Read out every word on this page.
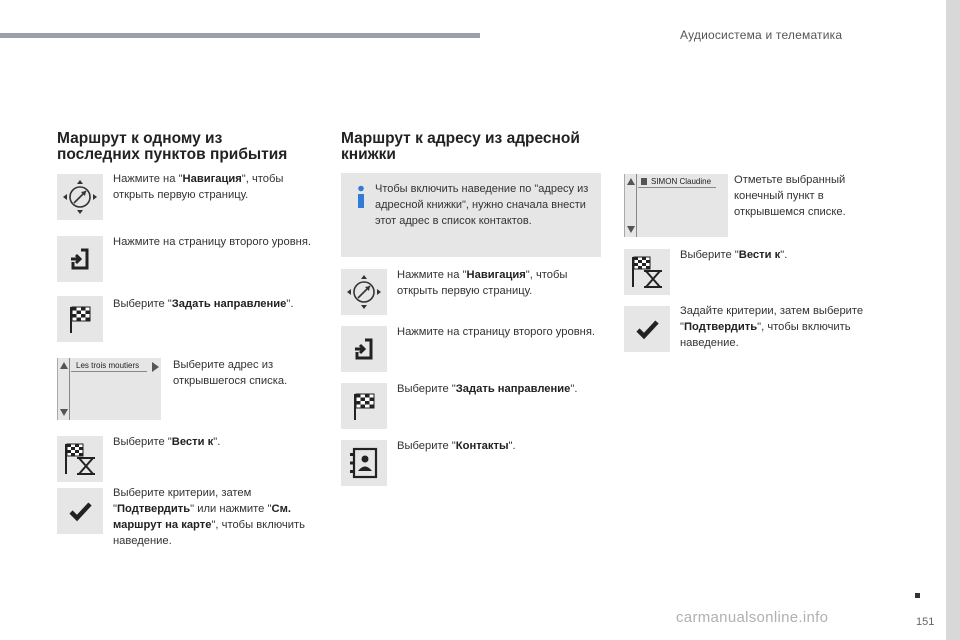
Аудиосистема и телематика
151
carmanualsonline.info
Маршрут к одному из
последних пунктов прибытия
Нажмите на "Навигация", чтобы открыть первую страницу.
Нажмите на страницу второго уровня.
Выберите "Задать направление".
Les trois moutiers	Выберите адрес из открывшегося списка.
Выберите "Вести к".
Выберите критерии, затем "Подтвердить" или нажмите "См. маршрут на карте", чтобы включить наведение.
Маршрут к адресу из адресной
книжки
Чтобы включить наведение по "адресу из адресной книжки", нужно сначала внести этот адрес в список контактов.
Нажмите на "Навигация", чтобы открыть первую страницу.
Нажмите на страницу второго уровня.
Выберите "Задать направление".
Выберите "Контакты".
SIMON Claudine Отметьте выбранный конечный пункт в открывшемся списке.
Выберите "Вести к".
Задайте критерии, затем выберите "Подтвердить", чтобы включить наведение.
